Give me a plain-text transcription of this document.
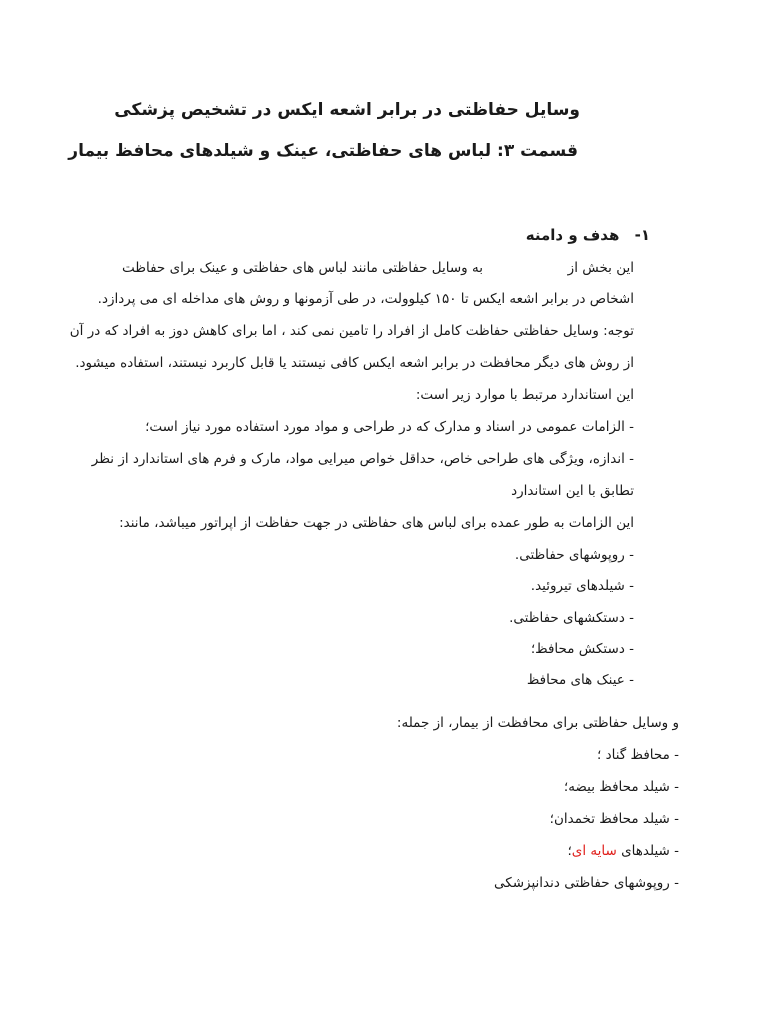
وسایل حفاظتی در برابر اشعه ایکس در تشخیص پزشکی
قسمت ۳: لباس های حفاظتی، عینک و شیلدهای محافظ بیمار
۱- هدف و دامنه
این بخش از
به وسایل حفاظتی مانند لباس های حفاظتی و عینک برای حفاظت
اشخاص در برابر اشعه ایکس تا ۱۵۰ کیلوولت، در طی آزمونها و روش های مداخله ای می پردازد.
توجه: وسایل حفاظتی حفاظت کامل از افراد را تامین نمی کند ، اما برای کاهش دوز به افراد که در آن
از روش های دیگر محافظت در برابر اشعه ایکس کافی نیستند یا قابل کاربرد نیستند، استفاده میشود.
این استاندارد مرتبط با موارد زیر است:
- الزامات عمومی در اسناد و مدارک که در طراحی و مواد مورد استفاده مورد نیاز است؛
- اندازه، ویژگی های طراحی خاص، حداقل خواص میرایی مواد، مارک و فرم های استاندارد از نظر
تطابق با این استاندارد
این الزامات به طور عمده برای لباس های حفاظتی در جهت حفاظت از اپراتور میباشد، مانند:
- روپوشهای حفاظتی.
- شیلدهای تیروئید.
- دستکشهای حفاظتی.
- دستکش محافظ؛
- عینک های محافظ
و وسایل حفاظتی برای محافظت از بیمار، از جمله:
- محافظ گناد ؛
- شیلد محافظ بیضه؛
- شیلد محافظ تخمدان؛
- شیلدهای سایه ای؛
- روپوشهای حفاظتی دندانپزشکی
